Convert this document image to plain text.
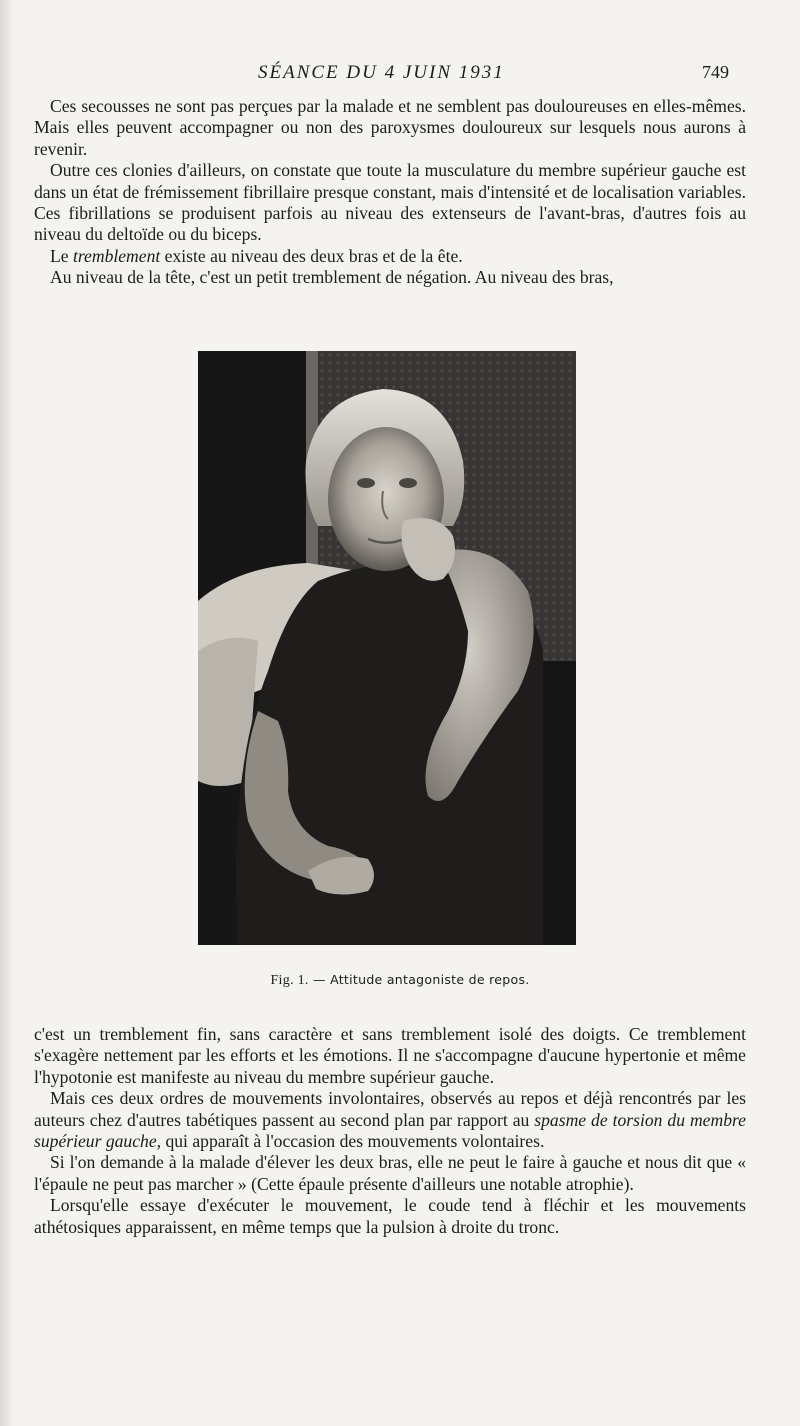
SÉANCE DU 4 JUIN 1931	749

Ces secousses ne sont pas perçues par la malade et ne semblent pas douloureuses en elles-mêmes. Mais elles peuvent accompagner ou non des paroxysmes douloureux sur lesquels nous aurons à revenir.

Outre ces clonies d'ailleurs, on constate que toute la musculature du membre supérieur gauche est dans un état de frémissement fibrillaire presque constant, mais d'intensité et de localisation variables. Ces fibrillations se produisent parfois au niveau des extenseurs de l'avant-bras, d'autres fois au niveau du deltoïde ou du biceps.

Le tremblement existe au niveau des deux bras et de la ête.

Au niveau de la tête, c'est un petit tremblement de négation. Au niveau des bras,

Fig. 1. — Attitude antagoniste de repos.

c'est un tremblement fin, sans caractère et sans tremblement isolé des doigts. Ce tremblement s'exagère nettement par les efforts et les émotions. Il ne s'accompagne d'aucune hypertonie et même l'hypotonie est manifeste au niveau du membre supérieur gauche.

Mais ces deux ordres de mouvements involontaires, observés au repos et déjà rencontrés par les auteurs chez d'autres tabétiques passent au second plan par rapport au spasme de torsion du membre supérieur gauche, qui apparaît à l'occasion des mouvements volontaires.

Si l'on demande à la malade d'élever les deux bras, elle ne peut le faire à gauche et nous dit que « l'épaule ne peut pas marcher » (Cette épaule présente d'ailleurs une notable atrophie).

Lorsqu'elle essaye d'exécuter le mouvement, le coude tend à fléchir et les mouvements athétosiques apparaissent, en même temps que la pulsion à droite du tronc.
